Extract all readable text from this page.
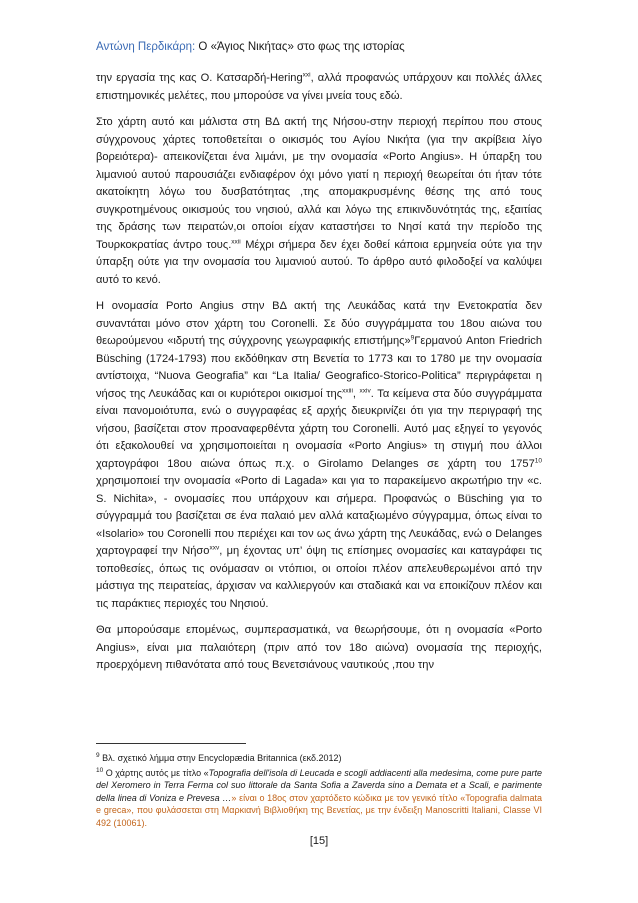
Αντώνη Περδικάρη: Ο «Άγιος Νικήτας» στο φως της ιστορίας

την εργασία της κας Ο. Κατσαρδή-Hering$^{xxi}$, αλλά προφανώς υπάρχουν και πολλές άλλες επιστημονικές μελέτες, που μπορούσε να γίνει μνεία τους εδώ.

Στο χάρτη αυτό και μάλιστα στη ΒΔ ακτή της Νήσου-στην περιοχή περίπου που στους σύγχρονους χάρτες τοποθετείται ο οικισμός του Αγίου Νικήτα (για την ακρίβεια λίγο βορειότερα)- απεικονίζεται ένα λιμάνι, με την ονομασία «Porto Angius». Η ύπαρξη του λιμανιού αυτού παρουσιάζει ενδιαφέρον όχι μόνο γιατί η περιοχή θεωρείται ότι ήταν τότε ακατοίκητη λόγω του δυσβατότητας ,της απομακρυσμένης θέσης της από τους συγκροτημένους οικισμούς του νησιού, αλλά και λόγω της επικινδυνότητάς της, εξαιτίας της δράσης των πειρατών,οι οποίοι είχαν καταστήσει το Νησί κατά την περίοδο της Τουρκοκρατίας άντρο τους.$^{xxii}$ Μέχρι σήμερα δεν έχει δοθεί κάποια ερμηνεία ούτε για την ύπαρξη ούτε για την ονομασία του λιμανιού αυτού. Το άρθρο αυτό φιλοδοξεί να καλύψει αυτό το κενό.

Η ονομασία Porto Angius στην ΒΔ ακτή της Λευκάδας κατά την Ενετοκρατία δεν συναντάται μόνο στον χάρτη του Coronelli. Σε δύο συγγράμματα του 18ου αιώνα του θεωρούμενου «ιδρυτή της σύγχρονης γεωγραφικής επιστήμης»$^9$Γερμανού Anton Friedrich Büsching (1724-1793) που εκδόθηκαν στη Βενετία το 1773 και το 1780 με την ονομασία αντίστοιχα, “Nuova Geografia” και “La Italia/ Geografico-Storico-Politica” περιγράφεται η νήσος της Λευκάδας και οι κυριότεροι οικισμοί της$^{xxiii}$, $^{xxiv}$. Τα κείμενα στα δύο συγγράμματα είναι πανομοιότυπα, ενώ ο συγγραφέας εξ αρχής διευκρινίζει ότι για την περιγραφή της νήσου, βασίζεται στον προαναφερθέντα χάρτη του Coronelli. Αυτό μας εξηγεί το γεγονός ότι εξακολουθεί να χρησιμοποιείται η ονομασία «Porto Angius» τη στιγμή που άλλοι χαρτογράφοι 18ου αιώνα όπως π.χ. ο Girolamo Delanges σε χάρτη του 1757$^{10}$ χρησιμοποιεί την ονομασία «Porto di Lagada» και για το παρακείμενο ακρωτήριο την «c. S. Nichita», - ονομασίες που υπάρχουν και σήμερα. Προφανώς ο Büsching για το σύγγραμμά του βασίζεται σε ένα παλαιό μεν αλλά καταξιωμένο σύγγραμμα, όπως είναι το «Isolario» του Coronelli που περιέχει και τον ως άνω χάρτη της Λευκάδας, ενώ ο Delanges χαρτογραφεί την Νήσο$^{xxv}$, μη έχοντας υπ’ όψη τις επίσημες ονομασίες και καταγράφει τις τοποθεσίες, όπως τις ονόμασαν οι ντόπιοι, οι οποίοι πλέον απελευθερωμένοι από την μάστιγα της πειρατείας, άρχισαν να καλλιεργούν και σταδιακά και να εποικίζουν πλέον και τις παράκτιες περιοχές του Νησιού.

Θα μπορούσαμε επομένως, συμπερασματικά, να θεωρήσουμε, ότι η ονομασία «Porto Angius», είναι μια παλαιότερη (πριν από τον 18ο αιώνα) ονομασία της περιοχής, προερχόμενη πιθανότατα από τους Βενετσιάνους ναυτικούς ,που την

$^9$ Βλ. σχετικό λήμμα στην Encyclopædia Britannica (εκδ.2012)

$^{10}$ Ο χάρτης αυτός με τίτλο «Topografia dell'isola di Leucada e scogli addiacenti alla medesima, come pure parte del Xeromero in Terra Ferma col suo littorale da Santa Sofia a Zaverda sino a Demata et a Scali, e parimente della linea di Voniza e Prevesa …» είναι ο 18ος στον χαρτόδετο κώδικα με τον γενικό τίτλο «Topografia dalmata e greca», που φυλάσσεται στη Μαρκιανή Βιβλιοθήκη της Βενετίας, με την ένδειξη Manoscritti Italiani, Classe VI 492 (10061).

[15]
